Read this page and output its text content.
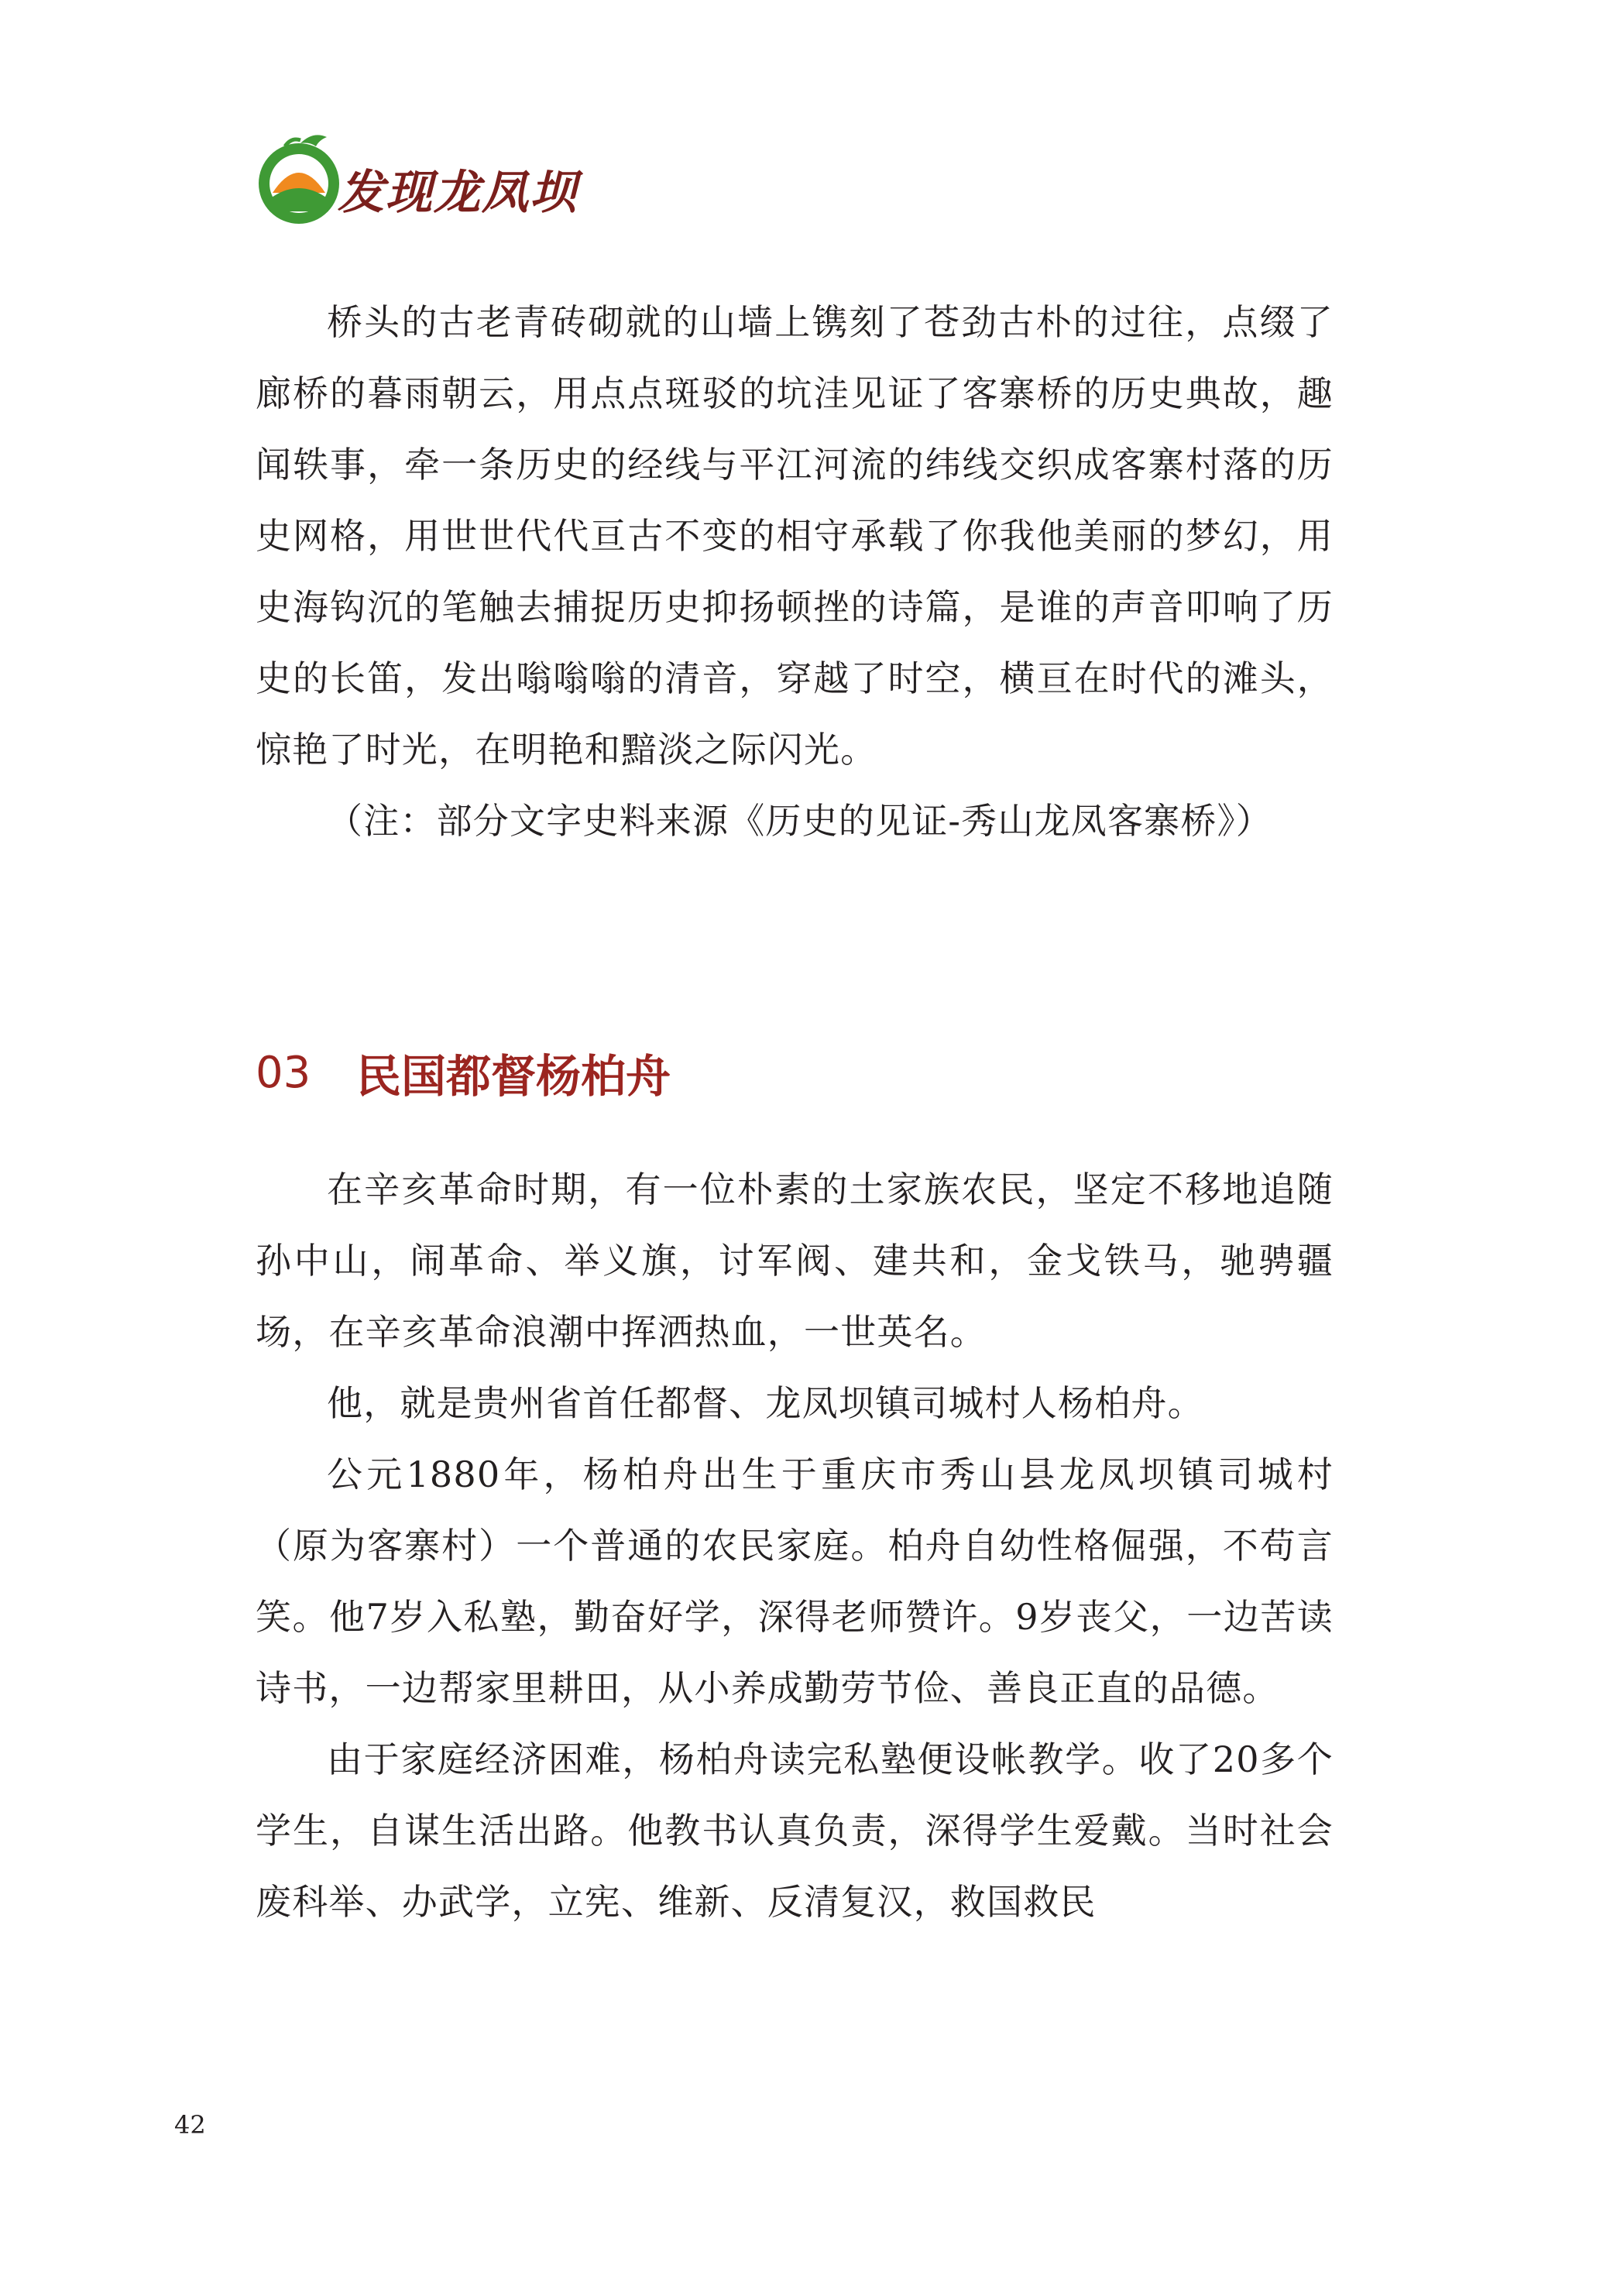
发现龙凤坝

桥头的古老青砖砌就的山墙上镌刻了苍劲古朴的过往，点缀了廊桥的暮雨朝云，用点点斑驳的坑洼见证了客寨桥的历史典故，趣闻轶事，牵一条历史的经线与平江河流的纬线交织成客寨村落的历史网格，用世世代代亘古不变的相守承载了你我他美丽的梦幻，用史海钩沉的笔触去捕捉历史抑扬顿挫的诗篇，是谁的声音叩响了历史的长笛，发出嗡嗡嗡的清音，穿越了时空，横亘在时代的滩头，惊艳了时光，在明艳和黯淡之际闪光。

（注：部分文字史料来源《历史的见证-秀山龙凤客寨桥》）

03	民国都督杨柏舟

在辛亥革命时期，有一位朴素的土家族农民，坚定不移地追随孙中山，闹革命、举义旗，讨军阀、建共和，金戈铁马，驰骋疆场，在辛亥革命浪潮中挥洒热血，一世英名。

他，就是贵州省首任都督、龙凤坝镇司城村人杨柏舟。

公元1880年，杨柏舟出生于重庆市秀山县龙凤坝镇司城村（原为客寨村）一个普通的农民家庭。柏舟自幼性格倔强，不苟言笑。他7岁入私塾，勤奋好学，深得老师赞许。9岁丧父，一边苦读诗书，一边帮家里耕田，从小养成勤劳节俭、善良正直的品德。

由于家庭经济困难，杨柏舟读完私塾便设帐教学。收了20多个学生，自谋生活出路。他教书认真负责，深得学生爱戴。当时社会废科举、办武学，立宪、维新、反清复汉，救国救民

42
